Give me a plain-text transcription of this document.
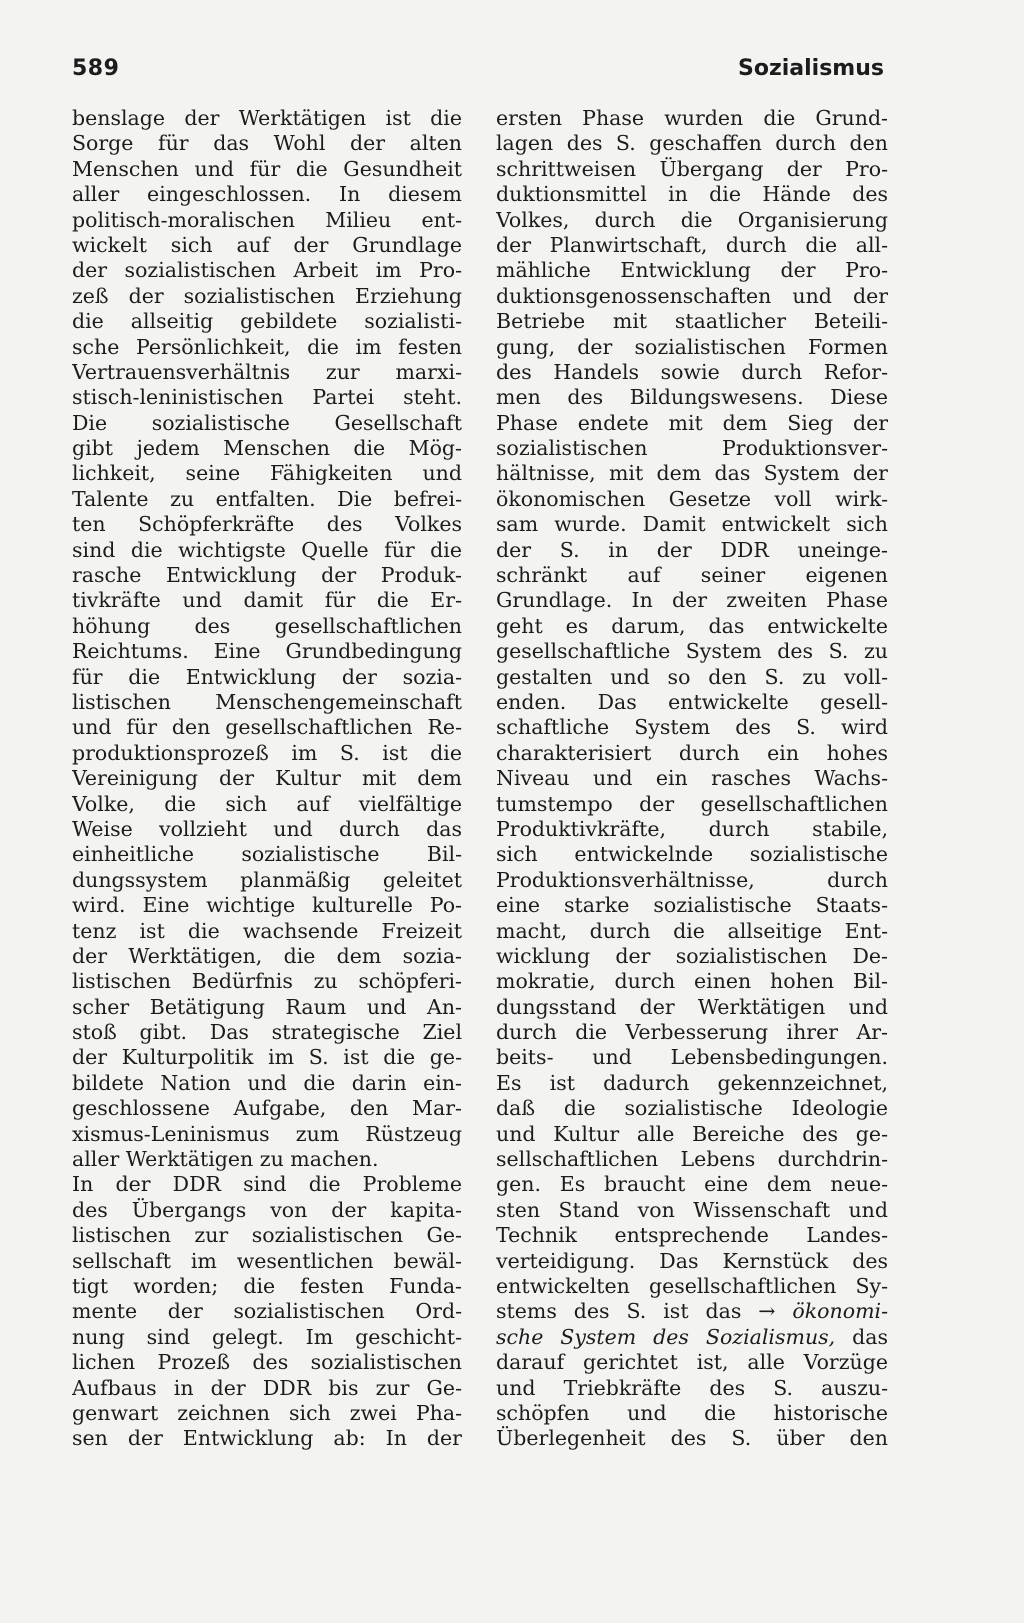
589	Sozialismus
benslage der Werktätigen ist die
Sorge für das Wohl der alten
Menschen und für die Gesundheit
aller eingeschlossen. In diesem
politisch-moralischen Milieu ent-
wickelt sich auf der Grundlage
der sozialistischen Arbeit im Pro-
zeß der sozialistischen Erziehung
die allseitig gebildete sozialisti-
sche Persönlichkeit, die im festen
Vertrauensverhältnis zur marxi-
stisch-leninistischen Partei steht.
Die sozialistische Gesellschaft
gibt jedem Menschen die Mög-
lichkeit, seine Fähigkeiten und
Talente zu entfalten. Die befrei-
ten Schöpferkräfte des Volkes
sind die wichtigste Quelle für die
rasche Entwicklung der Produk-
tivkräfte und damit für die Er-
höhung des gesellschaftlichen
Reichtums. Eine Grundbedingung
für die Entwicklung der sozia-
listischen Menschengemeinschaft
und für den gesellschaftlichen Re-
produktionsprozeß im S. ist die
Vereinigung der Kultur mit dem
Volke, die sich auf vielfältige
Weise vollzieht und durch das
einheitliche sozialistische Bil-
dungssystem planmäßig geleitet
wird. Eine wichtige kulturelle Po-
tenz ist die wachsende Freizeit
der Werktätigen, die dem sozia-
listischen Bedürfnis zu schöpferi-
scher Betätigung Raum und An-
stoß gibt. Das strategische Ziel
der Kulturpolitik im S. ist die ge-
bildete Nation und die darin ein-
geschlossene Aufgabe, den Mar-
xismus-Leninismus zum Rüstzeug
aller Werktätigen zu machen.
In der DDR sind die Probleme
des Übergangs von der kapita-
listischen zur sozialistischen Ge-
sellschaft im wesentlichen bewäl-
tigt worden; die festen Funda-
mente der sozialistischen Ord-
nung sind gelegt. Im geschicht-
lichen Prozeß des sozialistischen
Aufbaus in der DDR bis zur Ge-
genwart zeichnen sich zwei Pha-
sen der Entwicklung ab: In der
ersten Phase wurden die Grund-
lagen des S. geschaffen durch den
schrittweisen Übergang der Pro-
duktionsmittel in die Hände des
Volkes, durch die Organisierung
der Planwirtschaft, durch die all-
mähliche Entwicklung der Pro-
duktionsgenossenschaften und der
Betriebe mit staatlicher Beteili-
gung, der sozialistischen Formen
des Handels sowie durch Refor-
men des Bildungswesens. Diese
Phase endete mit dem Sieg der
sozialistischen Produktionsver-
hältnisse, mit dem das System der
ökonomischen Gesetze voll wirk-
sam wurde. Damit entwickelt sich
der S. in der DDR uneinge-
schränkt auf seiner eigenen
Grundlage. In der zweiten Phase
geht es darum, das entwickelte
gesellschaftliche System des S. zu
gestalten und so den S. zu voll-
enden. Das entwickelte gesell-
schaftliche System des S. wird
charakterisiert durch ein hohes
Niveau und ein rasches Wachs-
tumstempo der gesellschaftlichen
Produktivkräfte, durch stabile,
sich entwickelnde sozialistische
Produktionsverhältnisse, durch
eine starke sozialistische Staats-
macht, durch die allseitige Ent-
wicklung der sozialistischen De-
mokratie, durch einen hohen Bil-
dungsstand der Werktätigen und
durch die Verbesserung ihrer Ar-
beits- und Lebensbedingungen.
Es ist dadurch gekennzeichnet,
daß die sozialistische Ideologie
und Kultur alle Bereiche des ge-
sellschaftlichen Lebens durchdrin-
gen. Es braucht eine dem neue-
sten Stand von Wissenschaft und
Technik entsprechende Landes-
verteidigung. Das Kernstück des
entwickelten gesellschaftlichen Sy-
stems des S. ist das → ökonomi-
sche System des Sozialismus, das
darauf gerichtet ist, alle Vorzüge
und Triebkräfte des S. auszu-
schöpfen und die historische
Überlegenheit des S. über den
